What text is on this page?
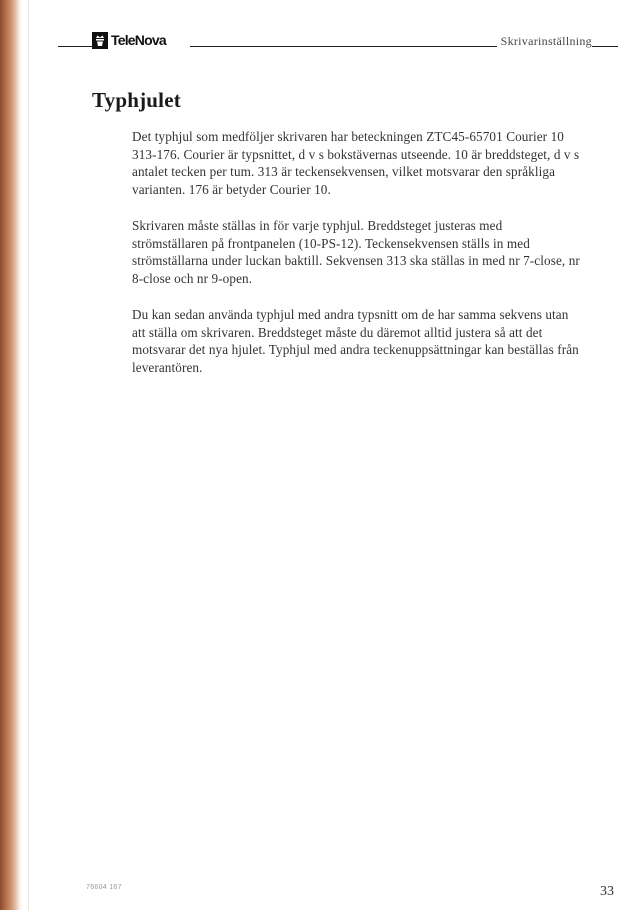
TeleNova	Skrivarinställning
Typhjulet

Det typhjul som medföljer skrivaren har beteckningen ZTC45-65701 Courier 10 313-176. Courier är typsnittet, d v s bokstävernas utseende. 10 är breddsteget, d v s antalet tecken per tum. 313 är teckensekvensen, vilket motsvarar den språkliga varianten. 176 är betyder Courier 10.

Skrivaren måste ställas in för varje typhjul. Breddsteget justeras med strömställaren på frontpanelen (10-PS-12). Teckensekvensen ställs in med strömställarna under luckan baktill. Sekvensen 313 ska ställas in med nr 7-close, nr 8-close och nr 9-open.

Du kan sedan använda typhjul med andra typsnitt om de har samma sekvens utan att ställa om skrivaren. Breddsteget måste du däremot alltid justera så att det motsvarar det nya hjulet. Typhjul med andra teckenuppsättningar kan beställas från leverantören.

76604 167	33
